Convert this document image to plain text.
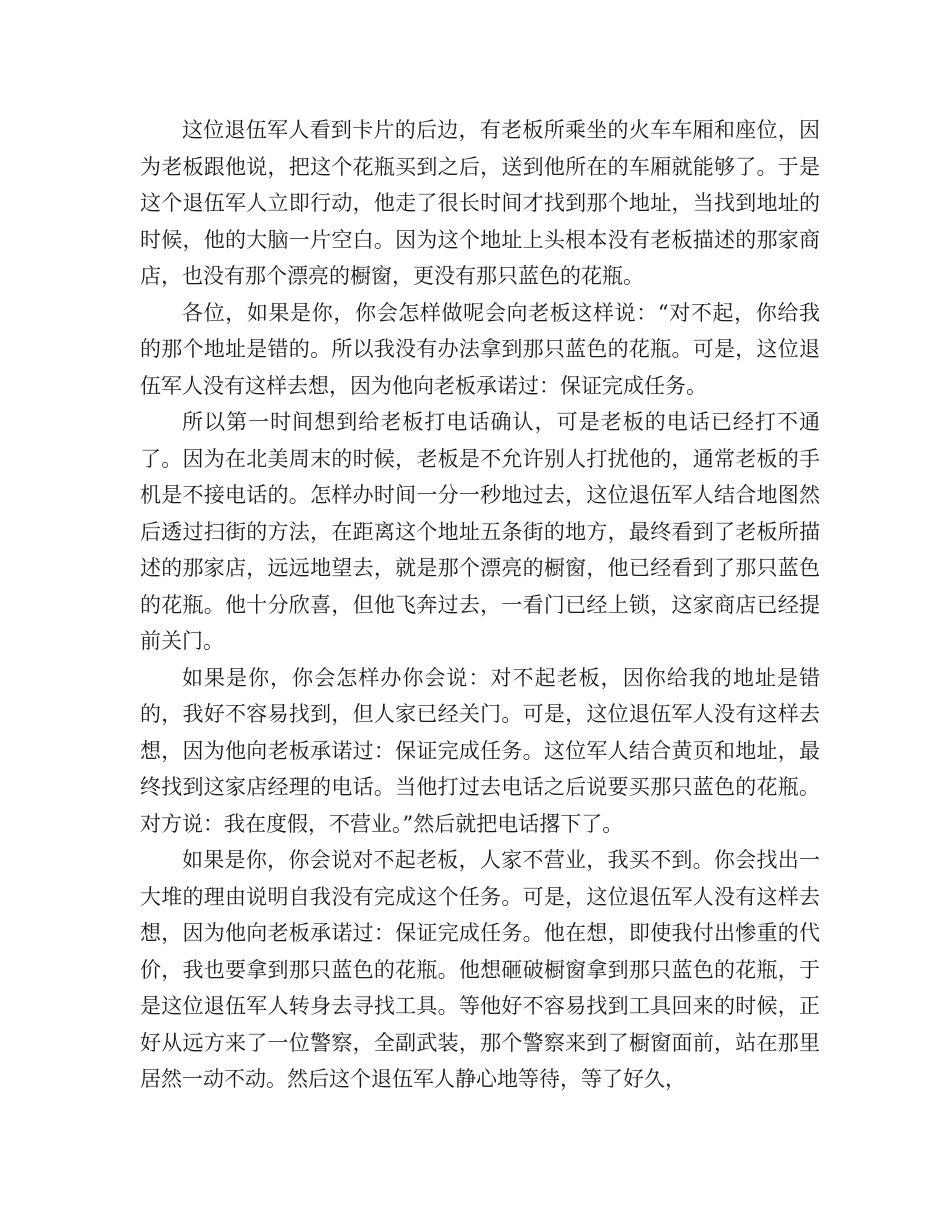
这位退伍军人看到卡片的后边，有老板所乘坐的火车车厢和座位，因为老板跟他说，把这个花瓶买到之后，送到他所在的车厢就能够了。于是这个退伍军人立即行动，他走了很长时间才找到那个地址，当找到地址的时候，他的大脑一片空白。因为这个地址上头根本没有老板描述的那家商店，也没有那个漂亮的橱窗，更没有那只蓝色的花瓶。

各位，如果是你，你会怎样做呢会向老板这样说：“对不起，你给我的那个地址是错的。所以我没有办法拿到那只蓝色的花瓶。可是，这位退伍军人没有这样去想，因为他向老板承诺过：保证完成任务。

所以第一时间想到给老板打电话确认，可是老板的电话已经打不通了。因为在北美周末的时候，老板是不允许别人打扰他的，通常老板的手机是不接电话的。怎样办时间一分一秒地过去，这位退伍军人结合地图然后透过扫街的方法，在距离这个地址五条街的地方，最终看到了老板所描述的那家店，远远地望去，就是那个漂亮的橱窗，他已经看到了那只蓝色的花瓶。他十分欣喜，但他飞奔过去，一看门已经上锁，这家商店已经提前关门。

如果是你，你会怎样办你会说：对不起老板，因你给我的地址是错的，我好不容易找到，但人家已经关门。可是，这位退伍军人没有这样去想，因为他向老板承诺过：保证完成任务。这位军人结合黄页和地址，最终找到这家店经理的电话。当他打过去电话之后说要买那只蓝色的花瓶。对方说：我在度假，不营业。”然后就把电话撂下了。

如果是你，你会说对不起老板，人家不营业，我买不到。你会找出一大堆的理由说明自我没有完成这个任务。可是，这位退伍军人没有这样去想，因为他向老板承诺过：保证完成任务。他在想，即使我付出惨重的代价，我也要拿到那只蓝色的花瓶。他想砸破橱窗拿到那只蓝色的花瓶，于是这位退伍军人转身去寻找工具。等他好不容易找到工具回来的时候，正好从远方来了一位警察，全副武装，那个警察来到了橱窗面前，站在那里居然一动不动。然后这个退伍军人静心地等待，等了好久，
